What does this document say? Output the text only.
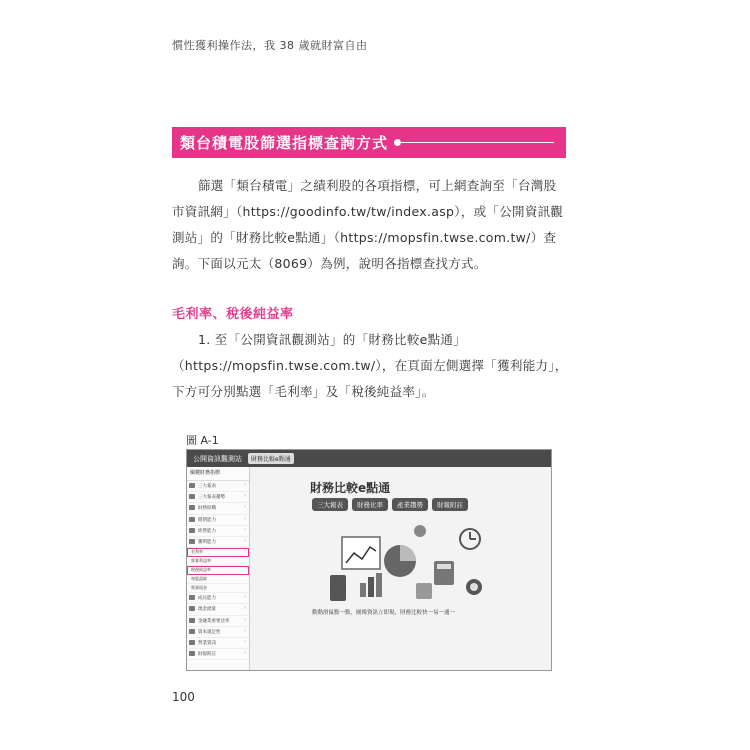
慣性獲利操作法，我 38 歲就財富自由
類台積電股篩選指標查詢方式
篩選「類台積電」之績利股的各項指標，可上網查詢至「台灣股市資訊網」（https://goodinfo.tw/tw/index.asp），或「公開資訊觀測站」的「財務比較e點通」（https://mopsfin.twse.com.tw/）查詢。下面以元太（8069）為例，說明各指標查找方式。
毛利率、稅後純益率
1. 至「公開資訊觀測站」的「財務比較e點通」（https://mopsfin.twse.com.tw/），在頁面左側選擇「獲利能力」，下方可分別點選「毛利率」及「稅後純益率」。
圖 A-1
公開資訊觀測站	財務比較e點通
關鍵財務指標
›
三大報表
›
三大報表趨勢
›
財務結構
›
償債能力
›
經營能力
›
獲利能力
毛利率
營業利益率
稅後純益率
每股盈餘
營業現金
›
成長能力
›
現金流量
›
金融業重要比率
›
資本適足性
›
營業資訊
›
財報附註
財務比較e點通
三大報表	財務比率	產業趨勢	財報附註
動動滑鼠點一點，圖像資訊立即現，財務比較快一易一通一
100
